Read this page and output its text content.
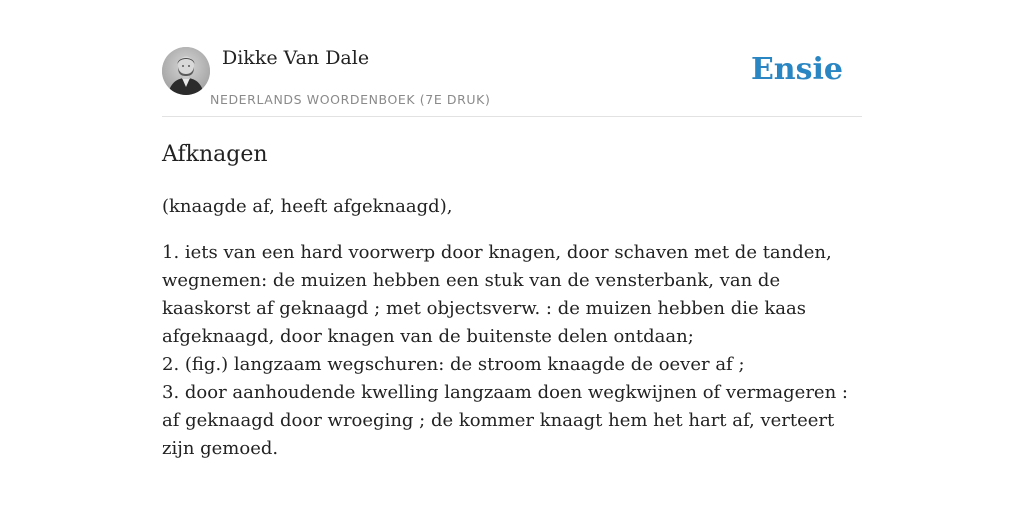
Dikke Van Dale
NEDERLANDS WOORDENBOEK (7E DRUK)
Ensie
Afknagen
(knaagde af, heeft afgeknaagd),
1. iets van een hard voorwerp door knagen, door schaven met de tanden, wegnemen: de muizen hebben een stuk van de vensterbank, van de kaaskorst af geknaagd ; met objectsverw. : de muizen hebben die kaas afgeknaagd, door knagen van de buitenste delen ontdaan;
2. (fig.) langzaam wegschuren: de stroom knaagde de oever af ;
3. door aanhoudende kwelling langzaam doen wegkwijnen of vermageren : af geknaagd door wroeging ; de kommer knaagt hem het hart af, verteert zijn gemoed.
